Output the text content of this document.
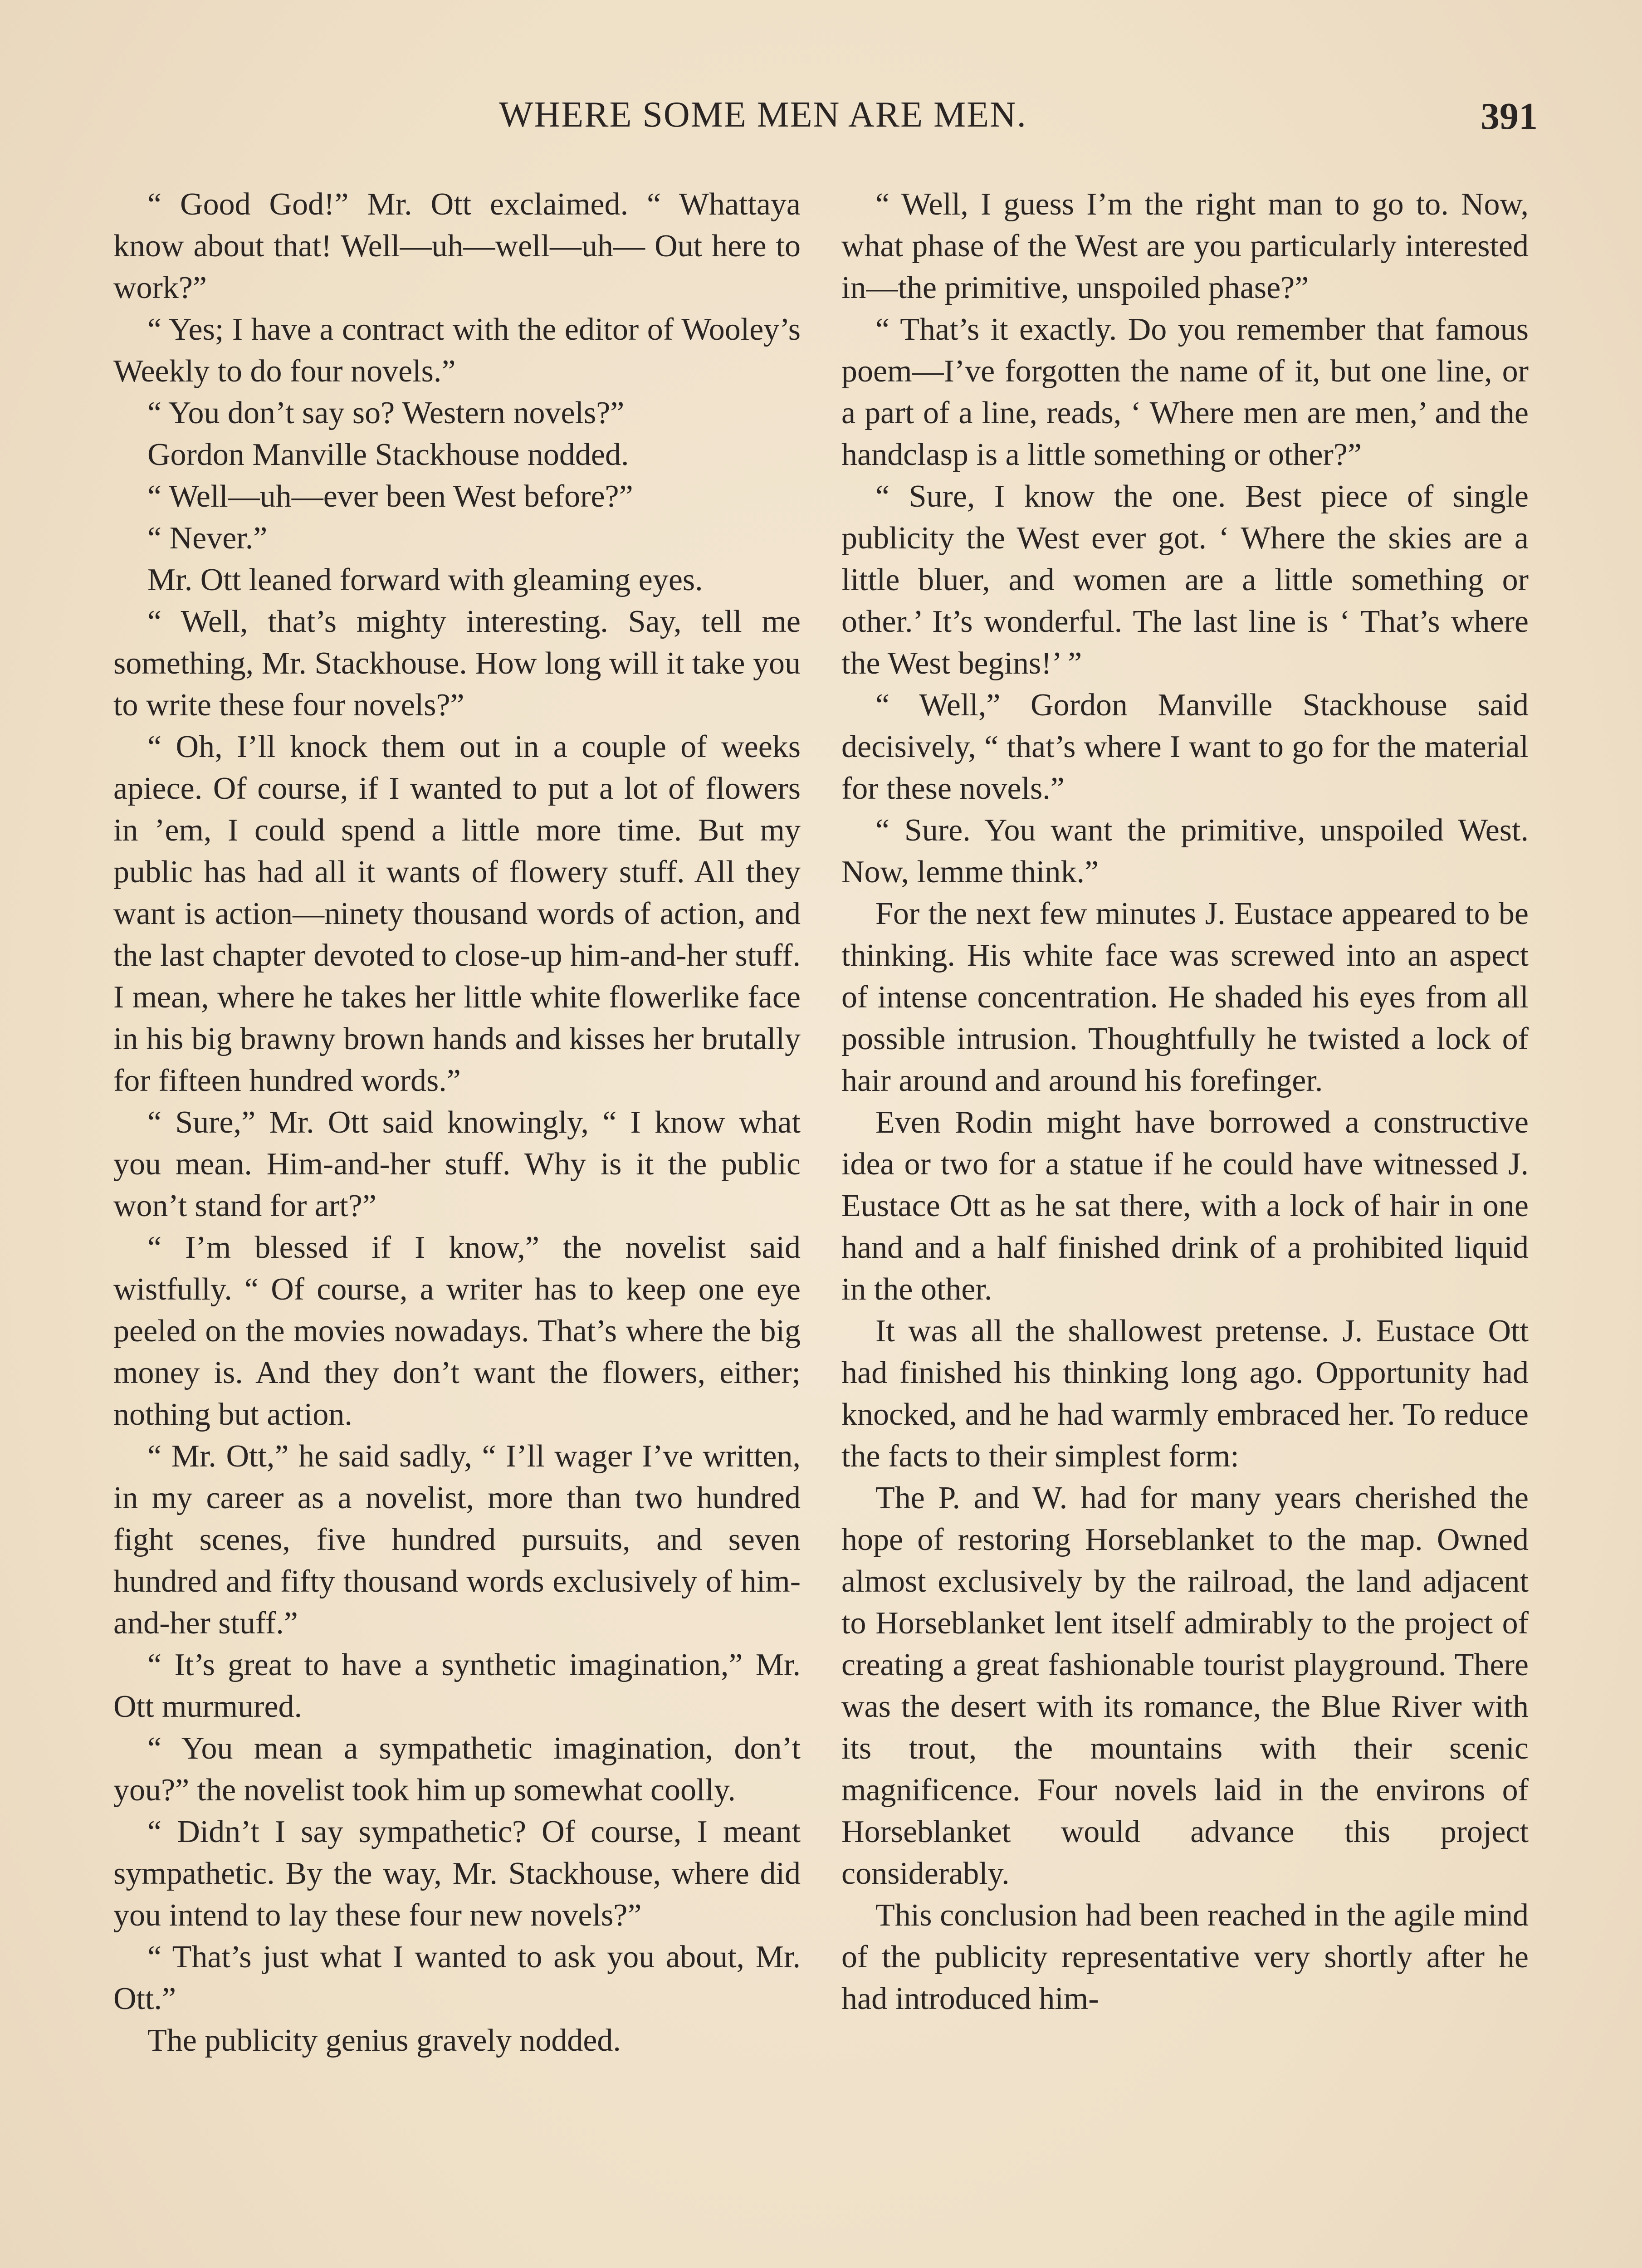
WHERE SOME MEN ARE MEN.	391

“ Good God!” Mr. Ott exclaimed. “ Whattaya know about that! Well—uh—well—uh— Out here to work?”

“ Yes; I have a contract with the editor of Wooley’s Weekly to do four novels.”

“ You don’t say so? Western novels?”

Gordon Manville Stackhouse nodded.

“ Well—uh—ever been West before?”

“ Never.”

Mr. Ott leaned forward with gleaming eyes.

“ Well, that’s mighty interesting. Say, tell me something, Mr. Stackhouse. How long will it take you to write these four novels?”

“ Oh, I’ll knock them out in a couple of weeks apiece. Of course, if I wanted to put a lot of flowers in ’em, I could spend a little more time. But my public has had all it wants of flowery stuff. All they want is action—ninety thousand words of action, and the last chapter devoted to close-up him-and-her stuff. I mean, where he takes her little white flowerlike face in his big brawny brown hands and kisses her brutally for fifteen hundred words.”

“ Sure,” Mr. Ott said knowingly, “ I know what you mean. Him-and-her stuff. Why is it the public won’t stand for art?”

“ I’m blessed if I know,” the novelist said wistfully. “ Of course, a writer has to keep one eye peeled on the movies nowadays. That’s where the big money is. And they don’t want the flowers, either; nothing but action.

“ Mr. Ott,” he said sadly, “ I’ll wager I’ve written, in my career as a novelist, more than two hundred fight scenes, five hundred pursuits, and seven hundred and fifty thousand words exclusively of him-and-her stuff.”

“ It’s great to have a synthetic imagination,” Mr. Ott murmured.

“ You mean a sympathetic imagination, don’t you?” the novelist took him up somewhat coolly.

“ Didn’t I say sympathetic? Of course, I meant sympathetic. By the way, Mr. Stackhouse, where did you intend to lay these four new novels?”

“ That’s just what I wanted to ask you about, Mr. Ott.”

The publicity genius gravely nodded.

“ Well, I guess I’m the right man to go to. Now, what phase of the West are you particularly interested in—the primitive, unspoiled phase?”

“ That’s it exactly. Do you remember that famous poem—I’ve forgotten the name of it, but one line, or a part of a line, reads, ‘ Where men are men,’ and the handclasp is a little something or other?”

“ Sure, I know the one. Best piece of single publicity the West ever got. ‘ Where the skies are a little bluer, and women are a little something or other.’ It’s wonderful. The last line is ‘ That’s where the West begins!’ ”

“ Well,” Gordon Manville Stackhouse said decisively, “ that’s where I want to go for the material for these novels.”

“ Sure. You want the primitive, unspoiled West. Now, lemme think.”

For the next few minutes J. Eustace appeared to be thinking. His white face was screwed into an aspect of intense concentration. He shaded his eyes from all possible intrusion. Thoughtfully he twisted a lock of hair around and around his forefinger.

Even Rodin might have borrowed a constructive idea or two for a statue if he could have witnessed J. Eustace Ott as he sat there, with a lock of hair in one hand and a half finished drink of a prohibited liquid in the other.

It was all the shallowest pretense. J. Eustace Ott had finished his thinking long ago. Opportunity had knocked, and he had warmly embraced her. To reduce the facts to their simplest form:

The P. and W. had for many years cherished the hope of restoring Horseblanket to the map. Owned almost exclusively by the railroad, the land adjacent to Horseblanket lent itself admirably to the project of creating a great fashionable tourist playground. There was the desert with its romance, the Blue River with its trout, the mountains with their scenic magnificence. Four novels laid in the environs of Horseblanket would advance this project considerably.

This conclusion had been reached in the agile mind of the publicity representative very shortly after he had introduced him-
